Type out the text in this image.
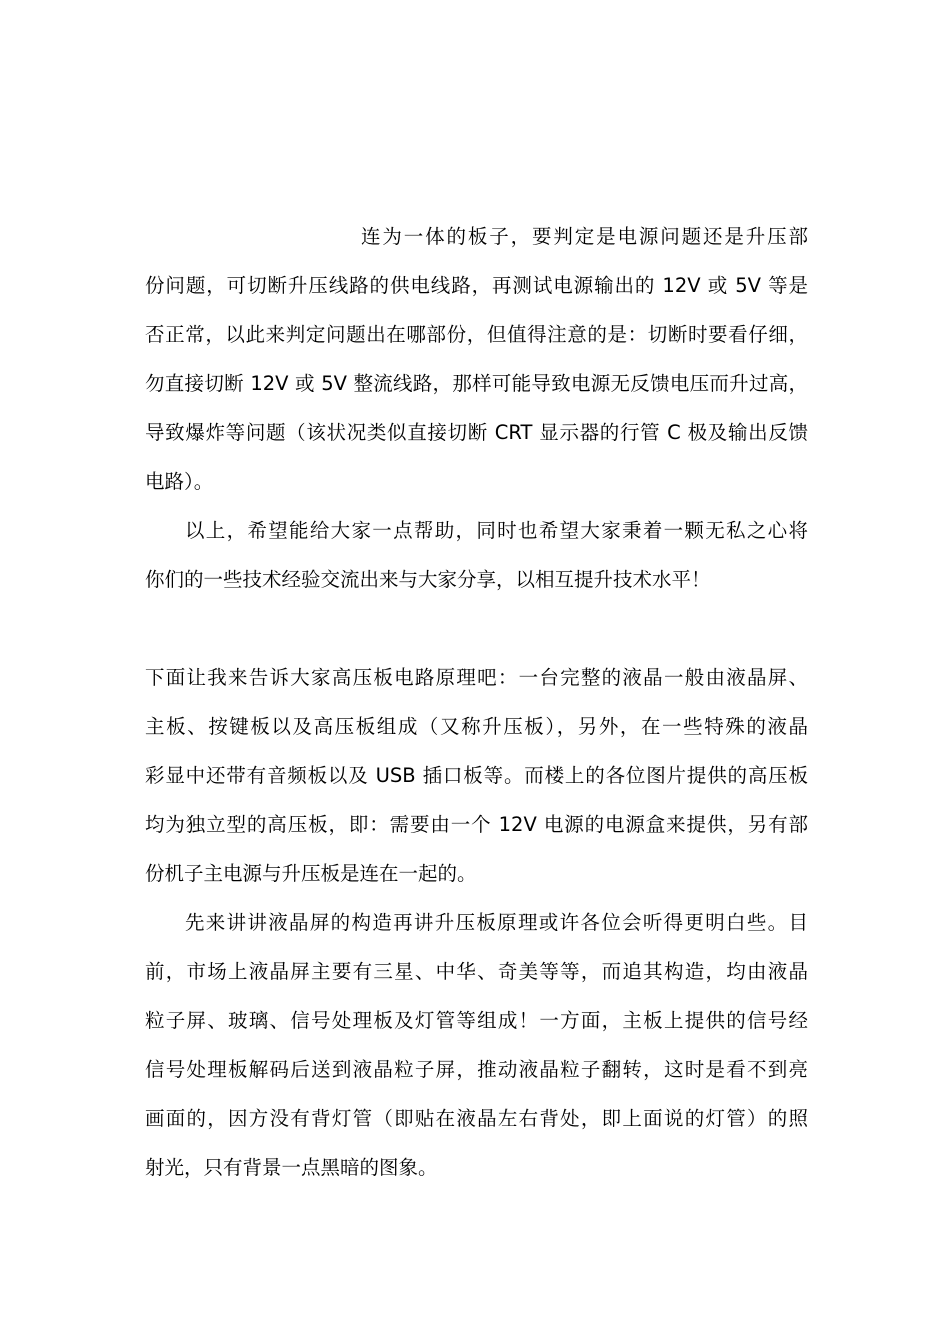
连为一体的板子，要判定是电源问题还是升压部
份问题，可切断升压线路的供电线路，再测试电源输出的 12V 或 5V 等是
否正常，以此来判定问题出在哪部份，但值得注意的是：切断时要看仔细，
勿直接切断 12V 或 5V 整流线路，那样可能导致电源无反馈电压而升过高，
导致爆炸等问题（该状况类似直接切断 CRT 显示器的行管 C 极及输出反馈
电路）。
以上，希望能给大家一点帮助，同时也希望大家秉着一颗无私之心将
你们的一些技术经验交流出来与大家分享，以相互提升技术水平！
下面让我来告诉大家高压板电路原理吧：一台完整的液晶一般由液晶屏、
主板、按键板以及高压板组成（又称升压板），另外，在一些特殊的液晶
彩显中还带有音频板以及 USB 插口板等。而楼上的各位图片提供的高压板
均为独立型的高压板，即：需要由一个 12V 电源的电源盒来提供，另有部
份机子主电源与升压板是连在一起的。
先来讲讲液晶屏的构造再讲升压板原理或许各位会听得更明白些。目
前，市场上液晶屏主要有三星、中华、奇美等等，而追其构造，均由液晶
粒子屏、玻璃、信号处理板及灯管等组成！一方面，主板上提供的信号经
信号处理板解码后送到液晶粒子屏，推动液晶粒子翻转，这时是看不到亮
画面的，因方没有背灯管（即贴在液晶左右背处，即上面说的灯管）的照
射光，只有背景一点黑暗的图象。
